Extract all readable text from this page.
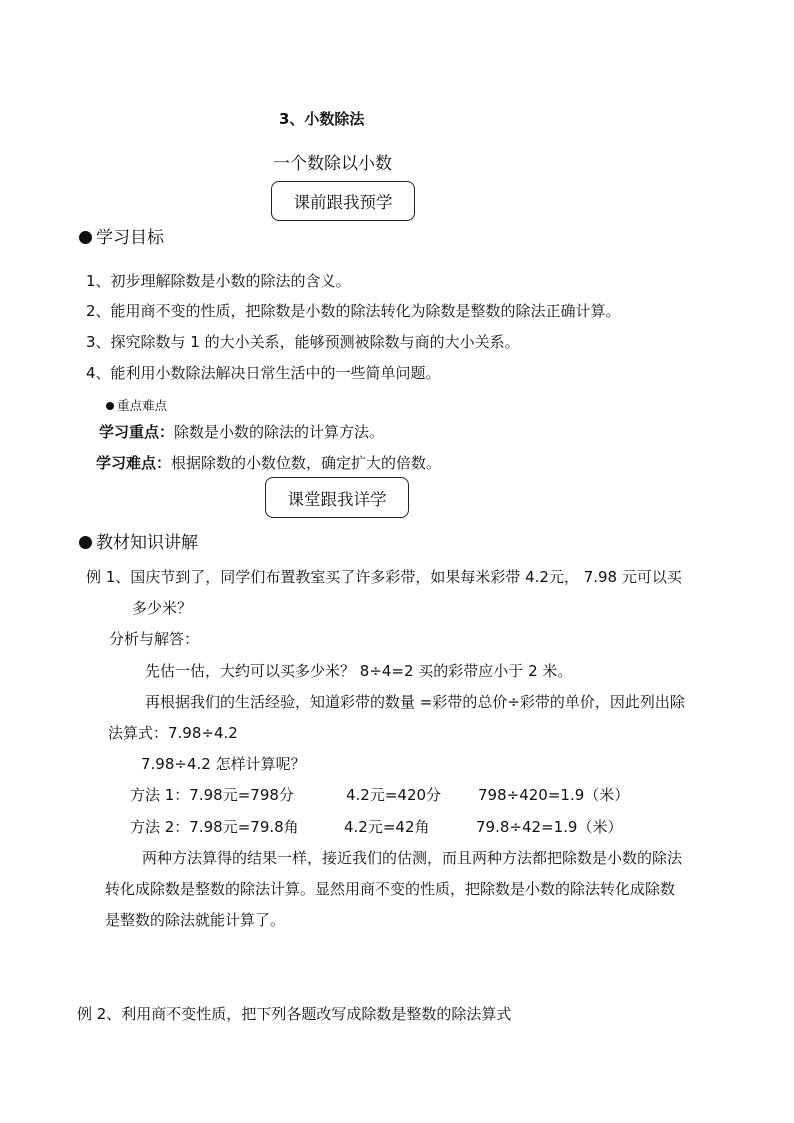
3、小数除法
一个数除以小数
课前跟我预学
学习目标
1、初步理解除数是小数的除法的含义。
2、能用商不变的性质，把除数是小数的除法转化为除数是整数的除法正确计算。
3、探究除数与 1 的大小关系，能够预测被除数与商的大小关系。
4、能利用小数除法解决日常生活中的一些简单问题。
重点难点
学习重点：除数是小数的除法的计算方法。
学习难点：根据除数的小数位数，确定扩大的倍数。
课堂跟我详学
教材知识讲解
例 1、国庆节到了，同学们布置教室买了许多彩带，如果每米彩带 4.2元， 7.98 元可以买
多少米？
分析与解答：
先估一估，大约可以买多少米？ 8÷4=2 买的彩带应小于 2 米。
再根据我们的生活经验，知道彩带的数量 =彩带的总价÷彩带的单价，因此列出除
法算式：7.98÷4.2
7.98÷4.2 怎样计算呢？
方法 1：7.98元=798分	4.2元=420分 798÷420=1.9（米）
方法 2：7.98元=79.8角	4.2元=42角	79.8÷42=1.9（米）
两种方法算得的结果一样，接近我们的估测，而且两种方法都把除数是小数的除法
转化成除数是整数的除法计算。显然用商不变的性质，把除数是小数的除法转化成除数
是整数的除法就能计算了。
例 2、利用商不变性质，把下列各题改写成除数是整数的除法算式
